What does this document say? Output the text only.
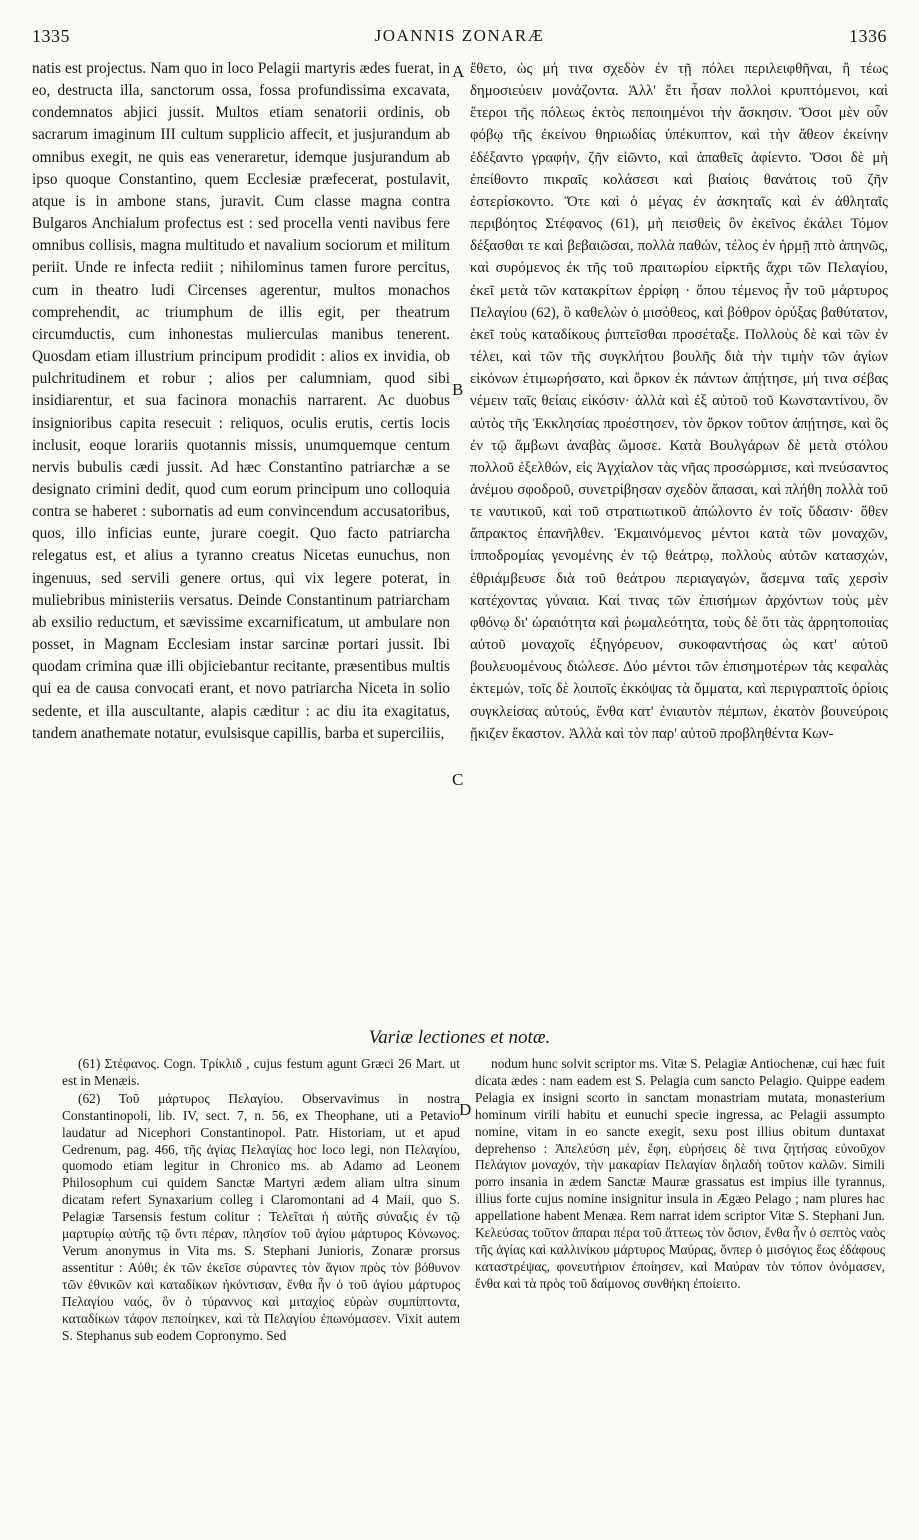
1335	JOANNIS ZONARÆ	1336

natis est projectus. Nam quo in loco Pelagii martyris ædes fuerat, in eo, destructa illa, sanctorum ossa, fossa profundissima excavata, condemnatos abjici jussit. Multos etiam senatorii ordinis, ob sacrarum imaginum III cultum supplicio affecit, et jusjurandum ab omnibus exegit, ne quis eas veneraretur, idemque jusjurandum ab ipso quoque Constantino, quem Ecclesiæ præfecerat, postulavit, atque is in ambone stans, juravit. Cum classe magna contra Bulgaros Anchialum profectus est : sed procella venti navibus fere omnibus collisis, magna multitudo et navalium sociorum et militum periit. Unde re infecta rediit ; nihilominus tamen furore percitus, cum in theatro ludi Circenses agerentur, multos monachos comprehendit, ac triumphum de illis egit, per theatrum circumductis, cum inhonestas mulierculas manibus tenerent. Quosdam etiam illustrium principum prodidit : alios ex invidia, ob pulchritudinem et robur ; alios per calumniam, quod sibi insidiarentur, et sua facinora monachis narrarent. Ac duobus insignioribus capita resecuit : reliquos, oculis erutis, certis locis inclusit, eoque lorariis quotannis missis, unumquemque centum nervis bubulis cædi jussit. Ad hæc Constantino patriarchæ a se designato crimini dedit, quod cum eorum principum uno colloquia contra se haberet : subornatis ad eum convincendum accusatoribus, quos, illo inficias eunte, jurare coegit. Quo facto patriarcha relegatus est, et alius a tyranno creatus Nicetas eunuchus, non ingenuus, sed servili genere ortus, qui vix legere poterat, in muliebribus ministeriis versatus. Deinde Constantinum patriarcham ab exsilio reductum, et sævissime excarnificatum, ut ambulare non posset, in Magnam Ecclesiam instar sarcinæ portari jussit. Ibi quodam crimina quæ illi objiciebantur recitante, præsentibus multis qui ea de causa convocati erant, et novo patriarcha Niceta in solio sedente, et illa auscultante, alapis cæditur : ac diu ita exagitatus, tandem anathemate notatur, evulsisque capillis, barba et superciliis,

A
B
C

ἔθετο, ὡς μή τινα σχεδὸν ἐν τῇ πόλει περιλειφθῆναι, ἢ τέως δημοσιεύειν μονάζοντα. Ἀλλ' ἔτι ἦσαν πολλοὶ κρυπτόμενοι, καὶ ἕτεροι τῆς πόλεως ἐκτὸς πεποιημένοι τὴν ἄσκησιν. Ὅσοι μὲν οὖν φόβῳ τῆς ἐκείνου θηριωδίας ὑπέκυπτον, καὶ τὴν ἄθεον ἐκείνην ἐδέξαντο γραφήν, ζῆν εἰῶντο, καὶ ἀπαθεῖς ἀφίεντο. Ὅσοι δὲ μὴ ἐπείθοντο πικραῖς κολάσεσι καὶ βιαίοις θανάτοις τοῦ ζῆν ἐστερίσκοντο. Ὅτε καὶ ὁ μέγας ἐν ἀσκηταῖς καὶ ἐν ἀθληταῖς περιβόητος Στέφανος (61), μὴ πεισθεὶς ὃν ἐκεῖνος ἐκάλει Τόμον δέξασθαι τε καὶ βεβαιῶσαι, πολλὰ παθών, τέλος ἐν ἡρμῇ πτὸ ἀπηνῶς, καὶ συρόμενος ἐκ τῆς τοῦ πραιτωρίου εἱρκτῆς ἄχρι τῶν Πελαγίου, ἐκεῖ μετὰ τῶν κατακρίτων ἐρρίφη · ὅπου τέμενος ἦν τοῦ μάρτυρος Πελαγίου (62), ὃ καθελὼν ὁ μισόθεος, καὶ βόθρον ὀρύξας βαθύτατον, ἐκεῖ τοὺς καταδίκους ῥιπτεῖσθαι προσέταξε. Πολλοὺς δὲ καὶ τῶν ἐν τέλει, καὶ τῶν τῆς συγκλήτου βουλῆς διὰ τὴν τιμὴν τῶν ἁγίων εἰκόνων ἐτιμωρήσατο, καὶ ὅρκον ἐκ πάντων ἀπῄτησε, μή τινα σέβας νέμειν ταῖς θείαις εἰκόσιν· ἀλλὰ καὶ ἐξ αὐτοῦ τοῦ Κωνσταντίνου, ὃν αὐτὸς τῆς Ἐκκλησίας προέστησεν, τὸν ὅρκον τοῦτον ἀπῄτησε, καὶ ὃς ἐν τῷ ἄμβωνι ἀναβὰς ὤμοσε. Κατὰ Βουλγάρων δὲ μετὰ στόλου πολλοῦ ἐξελθών, εἰς Ἀγχίαλον τὰς νῆας προσώρμισε, καὶ πνεύσαντος ἀνέμου σφοδροῦ, συνετρίβησαν σχεδὸν ἅπασαι, καὶ πλήθη πολλὰ τοῦ τε ναυτικοῦ, καὶ τοῦ στρατιωτικοῦ ἀπώλοντο ἐν τοῖς ὕδασιν· ὅθεν ἄπρακτος ἐπανῆλθεν. Ἐκμαινόμενος μέντοι κατὰ τῶν μοναχῶν, ἱπποδρομίας γενομένης ἐν τῷ θεάτρῳ, πολλοὺς αὐτῶν κατασχών, ἐθριάμβευσε διὰ τοῦ θεάτρου περιαγαγών, ἄσεμνα ταῖς χερσὶν κατέχοντας γύναια. Καί τινας τῶν ἐπισήμων ἀρχόντων τοὺς μὲν φθόνῳ δι' ὡραιότητα καὶ ῥωμαλεότητα, τοὺς δὲ ὅτι τὰς ἀρρητοποιίας αὐτοῦ μοναχοῖς ἐξηγόρευον, συκοφαντήσας ὡς κατ' αὐτοῦ βουλευομένους διώλεσε. Δύο μέντοι τῶν ἐπισημοτέρων τὰς κεφαλὰς ἐκτεμών, τοῖς δὲ λοιποῖς ἐκκόψας τὰ ὄμματα, καὶ περιγραπτοῖς ὁρίοις συγκλείσας αὐτούς, ἔνθα κατ' ἐνιαυτὸν πέμπων, ἑκατὸν βουνεύροις ᾔκιζεν ἕκαστον. Ἀλλὰ καὶ τὸν παρ' αὐτοῦ προβληθέντα Κων-

Variæ lectiones et notæ.

(61) Στέφανος. Cogn. Τρίκλιδ , cujus festum agunt Græci 26 Mart. ut est in Menæis.

(62) Τοῦ μάρτυρος Πελαγίου. Observavimus in nostra Constantinopoli, lib. IV, sect. 7, n. 56, ex Theophane, uti a Petavio laudatur ad Nicephori Constantinopol. Patr. Historiam, ut et apud Cedrenum, pag. 466, τῆς ἁγίας Πελαγίας hoc loco legi, non Πελαγίου, quomodo etiam legitur in Chronico ms. ab Adamo ad Leonem Philosophum cui quidem Sanctæ Martyri ædem aliam ultra sinum dicatam refert Synaxarium colleg i Claromontani ad 4 Maii, quo S. Pelagiæ Tarsensis festum colitur : Τελεῖται ἡ αὐτῆς σύναξις ἐν τῷ μαρτυρίῳ αὐτῆς τῷ ὄντι πέραν, πλησίον τοῦ ἁγίου μάρτυρος Κόνωνος. Verum anonymus in Vita ms. S. Stephani Junioris, Zonaræ prorsus assentitur : Αὐθι; ἐκ τῶν ἐκεῖσε σύραντες τὸν ἅγιον πρὸς τὸν βόθυνον τῶν ἐθνικῶν καὶ καταδίκων ἠκόντισαν, ἔνθα ἦν ὁ τοῦ ἁγίου μάρτυρος Πελαγίου ναός, ὃν ὁ τύραννος καὶ μιταχίος εὑρὼν συμπίπτοντα, καταδίκων τάφον πεποίηκεν, καὶ τὰ Πελαγίου ἐπωνόμασεν. Vixit autem S. Stephanus sub eodem Copronymo. Sed

D

nodum hunc solvit scriptor ms. Vitæ S. Pelagiæ Antiochenæ, cui hæc fuit dicata ædes : nam eadem est S. Pelagia cum sancto Pelagio. Quippe eadem Pelagia ex insigni scorto in sanctam monastriam mutata, monasterium hominum virili habitu et eunuchi specie ingressa, ac Pelagii assumpto nomine, vitam in eo sancte exegit, sexu post illius obitum duntaxat deprehenso : Ἀπελεύση μέν, ἔφη, εὑρήσεις δὲ τινα ζητήσας εὐνοῦχον Πελάγιον μοναχόν, τὴν μακαρίαν Πελαγίαν δηλαδὴ τοῦτον καλῶν. Simili porro insania in ædem Sanctæ Mauræ grassatus est impius ille tyrannus, illius forte cujus nomine insignitur insula in Ægæo Pelago ; nam plures hac appellatione habent Menæa. Rem narrat idem scriptor Vitæ S. Stephani Jun. Κελεύσας τοῦτον ἄπαραι πέρα τοῦ ἄττεως τὸν ὅσιον, ἔνθα ἦν ὁ σεπτὸς ναὸς τῆς ἁγίας καὶ καλλινίκου μάρτυρος Μαύρας, ὅνπερ ὁ μισόγιος ἕως ἐδάφους καταστρέψας, φονευτήριον ἐποίησεν, καὶ Μαύραν τὸν τόπον ὀνόμασεν, ἔνθα καὶ τὰ πρὸς τοῦ δαίμονος συνθήκη ἐποίειτο.
